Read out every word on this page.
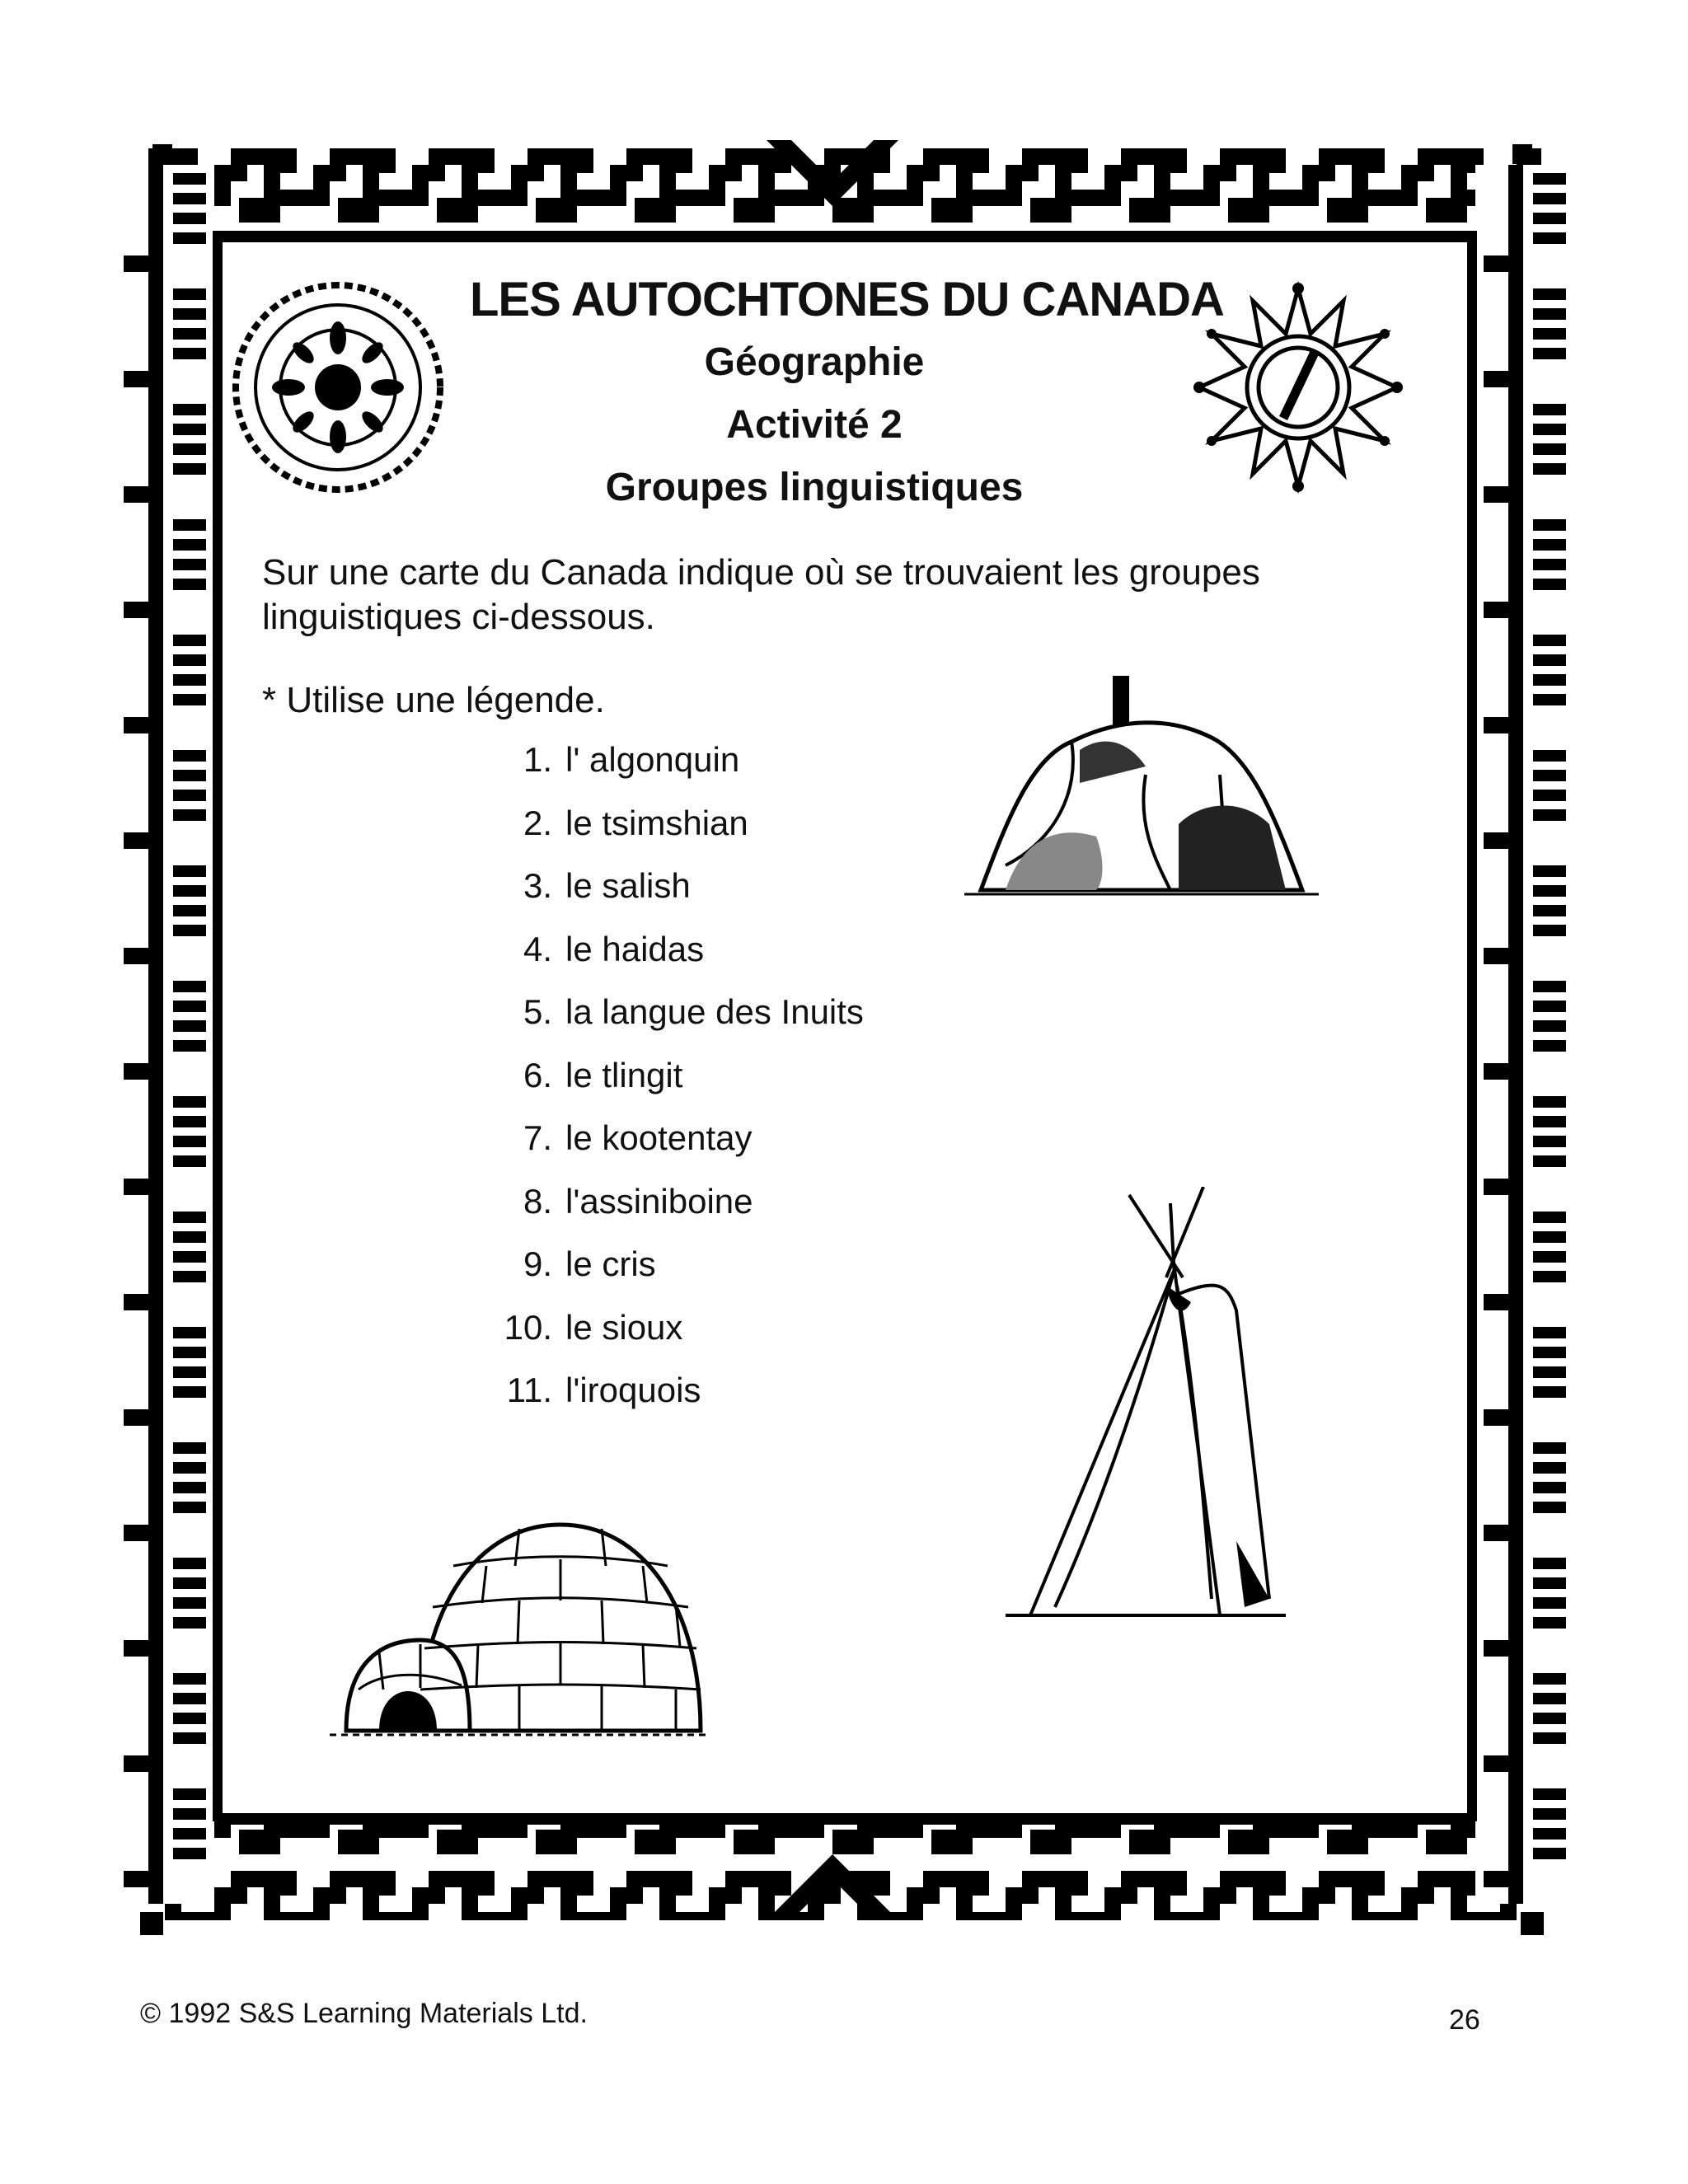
LES AUTOCHTONES DU CANADA
Géographie
Activité 2
Groupes linguistiques
Sur une carte du Canada indique où se trouvaient les groupes
linguistiques ci-dessous.
* Utilise une légende.
1. l' algonquin
2. le tsimshian
3. le salish
4. le haidas
5. la langue des Inuits
6. le tlingit
7. le kootentay
8. l'assiniboine
9. le cris
10. le sioux
11. l'iroquois
© 1992 S&S Learning Materials Ltd.	26
